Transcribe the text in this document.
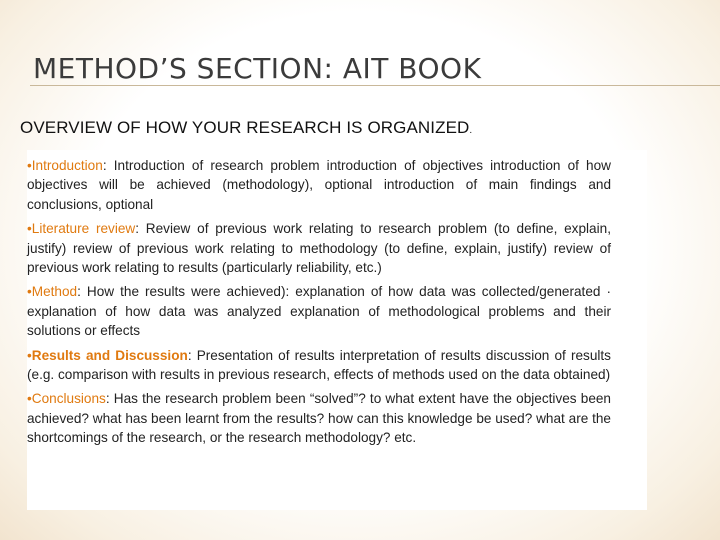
METHOD’S SECTION: AIT BOOK
OVERVIEW OF HOW YOUR RESEARCH IS ORGANIZED.

•Introduction: Introduction of research problem introduction of objectives introduction of how objectives will be achieved (methodology), optional introduction of main findings and conclusions, optional

•Literature review: Review of previous work relating to research problem (to define, explain, justify) review of previous work relating to methodology (to define, explain, justify) review of previous work relating to results (particularly reliability, etc.)

•Method: How the results were achieved): explanation of how data was collected/generated · explanation of how data was analyzed explanation of methodological problems and their solutions or effects

•Results and Discussion: Presentation of results interpretation of results discussion of results (e.g. comparison with results in previous research, effects of methods used on the data obtained)

•Conclusions: Has the research problem been “solved”? to what extent have the objectives been achieved? what has been learnt from the results? how can this knowledge be used? what are the shortcomings of the research, or the research methodology? etc.
